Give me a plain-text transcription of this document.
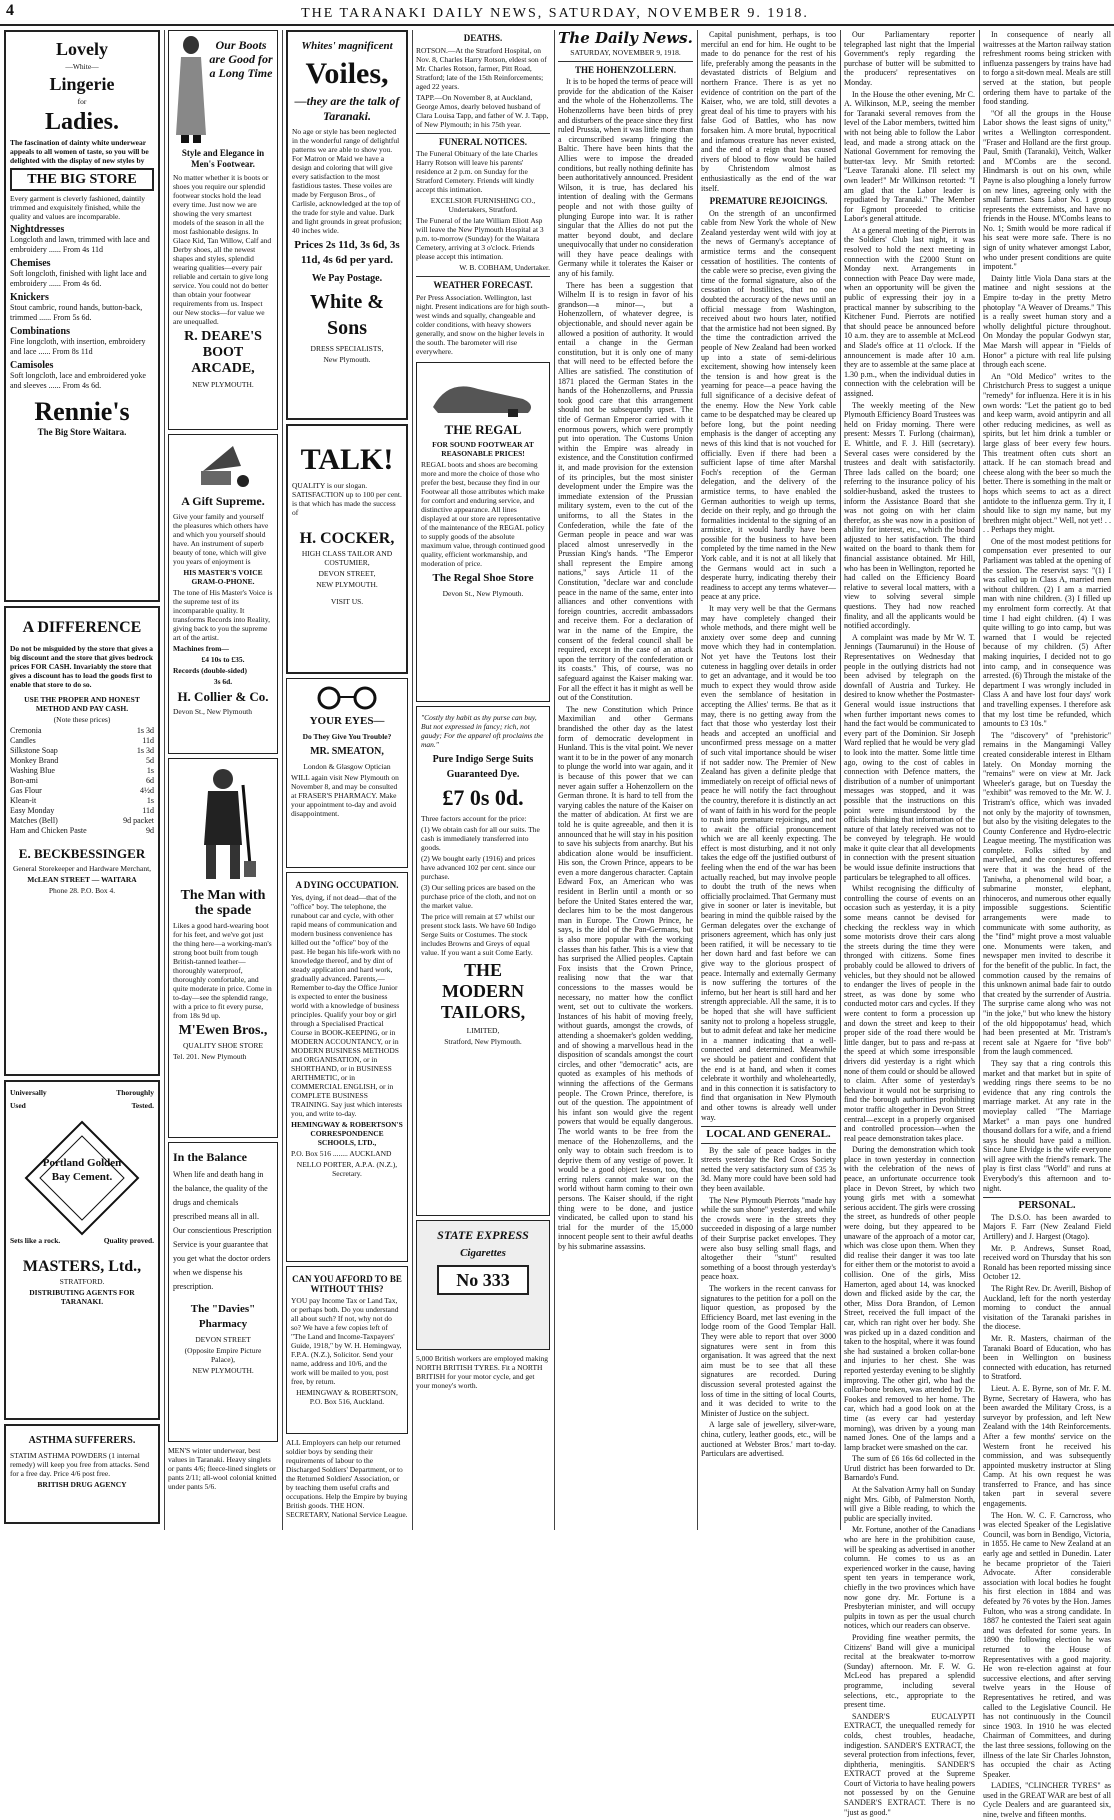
4	THE TARANAKI DAILY NEWS, SATURDAY, NOVEMBER 9. 1918.
Lovely
—White—
Lingerie
for
Ladies.
The fascination of dainty white underwear appeals to all women of taste, so you will be delighted with the display of new styles by
THE BIG STORE
Every garment is cleverly fashioned, daintily trimmed and exquisitely finished, while the quality and values are incomparable.
Nightdresses
Longcloth and lawn, trimmed with lace and embroidery ...... From 4s 11d
Chemises
Soft longcloth, finished with light lace and embroidery ...... From 4s 6d.
Knickers
Stout cambric, round hands, button-back, trimmed ...... From 5s 6d.
Combinations
Fine longcloth, with insertion, embroidery and lace ...... From 8s 11d
Camisoles
Soft longcloth, lace and embroidered yoke and sleeves ...... From 4s 6d.
Rennie's
The Big Store Waitara.
A DIFFERENCE
Do not be misguided by the store that gives a big discount and the store that gives bedrock prices FOR CASH. Invariably the store that gives a discount has to load the goods first to enable that store to do so.
USE THE PROPER AND HONEST METHOD AND PAY CASH.
(Note these prices)
Cremonia	1s 3d
Candles	11d
Silkstone Soap	1s 3d
Monkey Brand	5d
Washing Blue	1s
Bon-ami	6d
Gas Flour	4½d
Klean-it	1s
Easy Monday	11d
Matches (Bell)	9d packet
Ham and Chicken Paste	9d
E. BECKBESSINGER
General Storekeeper and Hardware Merchant,
McLEAN STREET — WAITARA
Phone 28. P.O. Box 4.
Universally	Thoroughly
Used	Tested.
Portland Golden Bay Cement.
Sets like a rock.	Quality proved.
MASTERS, Ltd.,
STRATFORD.
DISTRIBUTING AGENTS FOR TARANAKI.
ASTHMA SUFFERERS.
STATIM ASTHMA POWDERS (1 internal remedy) will keep you free from attacks. Send for a free day. Price 4/6 post free.
BRITISH DRUG AGENCY
Our Boots are Good for a Long Time
Style and Elegance in Men's Footwear.
No matter whether it is boots or shoes you require our splendid footwear stocks hold the lead every time. Just now we are showing the very smartest models of the season in all the most fashionable designs. In Glace Kid, Tan Willow, Calf and Derby shoes, all the newest shapes and styles, splendid wearing qualities—every pair reliable and certain to give long service. You could not do better than obtain your footwear requirements from us. Inspect our New stocks—for value we are unequalled.
R. DEARE'S BOOT ARCADE,
NEW PLYMOUTH.
A Gift Supreme.
Give your family and yourself the pleasures which others have and which you yourself should have. An instrument of superb beauty of tone, which will give you years of enjoyment is
HIS MASTER'S VOICE GRAM-O-PHONE.
The tone of His Master's Voice is the supreme test of its incomparable quality. It transforms Records into Reality, giving back to you the supreme art of the artist.
Machines from—
£4 10s to £35.
Records (double-sided)
3s 6d.
H. Collier & Co.
Devon St., New Plymouth
The Man with the spade
Likes a good hard-wearing boot for his feet, and we've got just the thing here—a working-man's strong boot built from tough British-tanned leather—thoroughly waterproof, thoroughly comfortable, and quite moderate in price. Come in to-day—see the splendid range, with a price to fit every purse, from 18s 9d up.
M'Ewen Bros.,
QUALITY SHOE STORE
Tel. 201. New Plymouth
In the Balance
When life and death hang in the balance, the quality of the drugs and chemicals prescribed means all in all. Our conscientious Prescription Service is your guarantee that you get what the doctor orders when we dispense his prescription.
The "Davies" Pharmacy
DEVON STREET
(Opposite Empire Picture Palace),
NEW PLYMOUTH.
MEN'S winter underwear, best values in Taranaki. Heavy singlets or pants 4/6; fleece-lined singlets or pants 2/11; all-wool colonial knitted under pants 5/6.
Whites' magnificent
Voiles,
—they are the talk of Taranaki.
No age or style has been neglected in the wonderful range of delightful patterns we are able to show you. For Matron or Maid we have a design and coloring that will give every satisfaction to the most fastidious tastes. These voiles are made by Ferguson Bros., of Carlisle, acknowledged at the top of the trade for style and value. Dark and light grounds in great profusion; 40 inches wide.
Prices 2s 11d, 3s 6d, 3s 11d, 4s 6d per yard.
We Pay Postage.
White & Sons
DRESS SPECIALISTS,
New Plymouth.
TALK!
QUALITY is our slogan. SATISFACTION up to 100 per cent. is that which has made the success of
H. COCKER,
HIGH CLASS TAILOR AND COSTUMIER,
DEVON STREET,
NEW PLYMOUTH.
VISIT US.
YOUR EYES—
Do They Give You Trouble?
MR. SMEATON,
London & Glasgow Optician
WILL again visit New Plymouth on November 8, and may be consulted at FRASER'S PHARMACY. Make your appointment to-day and avoid disappointment.
A DYING OCCUPATION.
Yes, dying, if not dead—that of the "office" boy. The telephone, the runabout car and cycle, with other rapid means of communication and modern business convenience has killed out the "office" boy of the past. He began his life-work with no knowledge thereof, and by dint of steady application and hard work, gradually advanced. Parents,—Remember to-day the Office Junior is expected to enter the business world with a knowledge of business principles. Qualify your boy or girl through a Specialised Practical Course in BOOK-KEEPING, or in MODERN ACCOUNTANCY, or in MODERN BUSINESS METHODS and ORGANISATION, or in SHORTHAND, or in BUSINESS ARITHMETIC, or in COMMERCIAL ENGLISH, or in COMPLETE BUSINESS TRAINING. Say just which interests you, and write to-day.
HEMINGWAY & ROBERTSON'S CORRESPONDENCE SCHOOLS, LTD.,
P.O. Box 516 ........ AUCKLAND
NELLO PORTER, A.P.A. (N.Z.), Secretary.
CAN YOU AFFORD TO BE WITHOUT THIS?
YOU pay Income Tax or Land Tax, or perhaps both. Do you understand all about such? If not, why not do so? We have a few copies left of "The Land and Income-Taxpayers' Guide, 1918," by W. H. Hemingway, F.P.A. (N.Z.), Solicitor. Send your name, address and 10/6, and the work will be mailed to you, post free, by return.
HEMINGWAY & ROBERTSON, P.O. Box 516, Auckland.
ALL Employers can help our returned soldier boys by sending their requirements of labour to the Discharged Soldiers' Department, or to the Returned Soldiers' Association, or by teaching them useful crafts and occupations. Help the Empire by buying British goods. THE HON. SECRETARY, National Service League.
DEATHS.
ROTSON.—At the Stratford Hospital, on Nov. 8, Charles Harry Rotson, eldest son of Mr. Charles Rotson, farmer, Pitt Road, Stratford; late of the 15th Reinforcements; aged 22 years.
TAPP.—On November 8, at Auckland, George Amos, dearly beloved husband of Clara Louisa Tapp, and father of W. J. Tapp, of New Plymouth; in his 75th year.
FUNERAL NOTICES.
The Funeral Obituary of the late Charles Harry Rotson will leave his parents' residence at 2 p.m. on Sunday for the Stratford Cemetery. Friends will kindly accept this intimation.
EXCELSIOR FURNISHING CO., Undertakers, Stratford.
The Funeral of the late William Eliott Asp will leave the New Plymouth Hospital at 3 p.m. to-morrow (Sunday) for the Waitara Cemetery, arriving at 3 o'clock. Friends please accept this intimation.
W. B. COBHAM, Undertaker.
WEATHER FORECAST.
Per Press Association. Wellington, last night. Present indications are for high south-west winds and squally, changeable and colder conditions, with heavy showers generally, and snow on the higher levels in the south. The barometer will rise everywhere.
THE REGAL
FOR SOUND FOOTWEAR AT REASONABLE PRICES!
REGAL boots and shoes are becoming more and more the choice of those who prefer the best, because they find in our Footwear all those attributes which make for comfort and enduring service, and distinctive appearance. All lines displayed at our store are representative of the maintenance of the REGAL policy to supply goods of the absolute maximum value, through continued good quality, efficient workmanship, and moderation of price.
The Regal Shoe Store
Devon St., New Plymouth.
"Costly thy habit as thy purse can buy, But not expressed in fancy; rich, not gaudy; For the apparel oft proclaims the man."
Pure Indigo Serge Suits Guaranteed Dye.
£7 0s 0d.
Three factors account for the price:
(1) We obtain cash for all our suits. The cash is immediately transferred into goods.
(2) We bought early (1916) and prices have advanced 102 per cent. since our purchase.
(3) Our selling prices are based on the purchase price of the cloth, and not on the market value.
The price will remain at £7 whilst our present stock lasts. We have 60 Indigo Serge Suits or Costumes. The stock includes Browns and Greys of equal value. If you want a suit Come Early.
THE MODERN TAILORS,
LIMITED,
Stratford, New Plymouth.
STATE EXPRESS
Cigarettes
No 333
5,000 British workers are employed making NORTH BRITISH TYRES. Fit a NORTH BRITISH for your motor cycle, and get your money's worth.
The Daily News.
SATURDAY, NOVEMBER 9, 1918.
THE HOHENZOLLERN.

It is to be hoped the terms of peace will provide for the abdication of the Kaiser and the whole of the Hohenzollerns. The Hohenzollerns have been birds of prey and disturbers of the peace since they first ruled Prussia, when it was little more than a circumscribed swamp fringing the Baltic. There have been hints that the Allies were to impose the dreaded conditions, but really nothing definite has been authoritatively announced. President Wilson, it is true, has declared his intention of dealing with the Germans people and not with those guilty of plunging Europe into war. It is rather singular that the Allies do not put the matter beyond doubt, and declare unequivocally that under no consideration will they have peace dealings with Germany while it tolerates the Kaiser or any of his family.

There has been a suggestion that Wilhelm II is to resign in favor of his grandson—a minor—, but a Hohenzollern, of whatever degree, is objectionable, and should never again be allowed a position of authority. It would entail a change in the German constitution, but it is only one of many that will need to be effected before the Allies are satisfied. The constitution of 1871 placed the German States in the hands of the Hohenzollerns, and Prussia took good care that this arrangement should not be subsequently upset. The title of German Emperor carried with it enormous powers, which were promptly put into operation. The Customs Union within the Empire was already in existence, and the Constitution confirmed it, and made provision for the extension of its principles, but the most sinister development under the Empire was the immediate extension of the Prussian military system, even to the cut of the uniforms, to all the States in the Confederation, while the fate of the German people in peace and war was placed almost unreservedly in the Prussian King's hands. "The Emperor shall represent the Empire among nations," says Article 11 of the Constitution, "declare war and conclude peace in the name of the same, enter into alliances and other conventions with foreign countries, accredit ambassadors and receive them. For a declaration of war in the name of the Empire, the consent of the federal council shall be required, except in the case of an attack upon the territory of the confederation or its coasts." This, of course, was no safeguard against the Kaiser making war. For all the effect it has it might as well be out of the Constitution.

The new Constitution which Prince Maximilian and other Germans brandished the other day as the latest form of democratic development in Hunland. This is the vital point. We never want it to be in the power of any monarch to plunge the world into war again, and it is because of this power that we can never again suffer a Hohenzollern on the German throne. It is hard to tell from the varying cables the nature of the Kaiser on the matter of abdication. At first we are told he is quite agreeable, and then it is announced that he will stay in his position to save his subjects from anarchy. But his abdication alone would be insufficient. His son, the Crown Prince, appears to be even a more dangerous character. Captain Edward Fox, an American who was resident in Berlin until a month or so before the United States entered the war, declares him to be the most dangerous man in Europe. The Crown Prince, he says, is the idol of the Pan-Germans, but is also more popular with the working classes than his father. This is a view that has surprised the Allied peoples. Captain Fox insists that the Crown Prince, realising now that the war that concessions to the masses would be necessary, no matter how the conflict went, set out to cultivate the workers. Instances of his habit of moving freely, without guards, amongst the crowds, of attending a shoemaker's golden wedding, and of showing a marvellous head in the disposition of scandals amongst the court circles, and other "democratic" acts, are quoted as examples of his methods of winning the affections of the Germans people. The Crown Prince, therefore, is out of the question. The appointment of his infant son would give the regent powers that would be equally dangerous. The world wants to be free from the menace of the Hohenzollerns, and the only way to obtain such freedom is to deprive them of any vestige of power. It would be a good object lesson, too, that erring rulers cannot make war on the world without harm coming to their own persons. The Kaiser should, if the right thing were to be done, and justice vindicated, be called upon to stand his trial for the murder of the 15,000 innocent people sent to their awful deaths by his submarine assassins.

Capital punishment, perhaps, is too merciful an end for him. He ought to be made to do penance for the rest of his life, preferably among the peasants in the devastated districts of Belgium and northern France. There is as yet no evidence of contrition on the part of the Kaiser, who, we are told, still devotes a great deal of his time to prayers with his false God of Battles, who has now forsaken him. A more brutal, hypocritical and infamous creature has never existed, and the end of a reign that has caused rivers of blood to flow would be hailed by Christendom almost as enthusiastically as the end of the war itself.

PREMATURE REJOICINGS.

On the strength of an unconfirmed cable from New York the whole of New Zealand yesterday went wild with joy at the news of Germany's acceptance of armistice terms and the consequent cessation of hostilities. The contents of the cable were so precise, even giving the time of the formal signature, also of the cessation of hostilities, that no one doubted the accuracy of the news until an official message from Washington, received about two hours later, notified that the armistice had not been signed. By the time the contradiction arrived the people of New Zealand had been worked up into a state of semi-delirious excitement, showing how intensely keen the tension is and how great is the yearning for peace—a peace having the full significance of a decisive defeat of the enemy. How the New York cable came to be despatched may be cleared up before long, but the point needing emphasis is the danger of accepting any news of this kind that is not vouched for officially. Even if there had been a sufficient lapse of time after Marshal Foch's reception of the German delegation, and the delivery of the armistice terms, to have enabled the German authorities to weigh up terms, decide on their reply, and go through the formalities incidental to the signing of an armistice, it would hardly have been possible for the business to have been completed by the time named in the New York cable, and it is not at all likely that the Germans would act in such a desperate hurry, indicating thereby their readiness to accept any terms whatever—peace at any price.

It may very well be that the Germans may have completely changed their whole methods, and there might well be anxiety over some deep and cunning move which they had in contemplation. Not yet have the Teutons lost their cuteness in haggling over details in order to get an advantage, and it would be too much to expect they would throw aside even the semblance of hesitation in accepting the Allies' terms. Be that as it may, there is no getting away from the fact that those who yesterday lost their heads and accepted an unofficial and unconfirmed press message on a matter of such vital importance should be wiser if not sadder now. The Premier of New Zealand has given a definite pledge that immediately on receipt of official news of peace he will notify the fact throughout the country, therefore it is distinctly an act of want of faith in his word for the people to rush into premature rejoicings, and not to await the official pronouncement which we are all keenly expecting. The effect is most disturbing, and it not only takes the edge off the justified outburst of feeling when the end of the war has been actually reached, but may involve people to doubt the truth of the news when officially proclaimed. That Germany must give in sooner or later is inevitable, but bearing in mind the quibble raised by the German delegates over the exchange of prisoners agreement, which has only just been ratified, it will be necessary to tie her down hard and fast before we can give way to the glorious prospect of peace. Internally and externally Germany is now suffering the tortures of the inferno, but her heart is still hard and her strength appreciable. All the same, it is to be hoped that she will have sufficient sanity not to prolong a hopeless struggle, but to admit defeat and take her medicine in a manner indicating that a well-connected and determined. Meanwhile we should be patient and confident that the end is at hand, and when it comes celebrate it worthily and wholeheartedly, and in this connection it is satisfactory to find that organisation in New Plymouth and other towns is already well under way.

LOCAL AND GENERAL.

By the sale of peace badges in the streets yesterday the Red Cross Society netted the very satisfactory sum of £35 3s 3d. Many more could have been sold had they been available.

The New Plymouth Pierrots "made hay while the sun shone" yesterday, and while the crowds were in the streets they succeeded in disposing of a large number of their Surprise packet envelopes. They were also busy selling small flags, and altogether their "stunt" resulted something of a boost through yesterday's peace hoax.

The workers in the recent canvass for signatures to the petition for a poll on the liquor question, as proposed by the Efficiency Board, met last evening in the lodge room of the Good Templar Hall. They were able to report that over 3000 signatures were sent in from this organisation. It was agreed that the next aim must be to see that all these signatures are recorded. During discussion several protested against the loss of time in the sitting of local Courts, and it was decided to write to the Minister of Justice on the subject.

A large sale of jewellery, silver-ware, china, cutlery, leather goods, etc., will be auctioned at Webster Bros.' mart to-day. Particulars are advertised.

Our Parliamentary reporter telegraphed last night that the Imperial Government's reply regarding the purchase of butter will be submitted to the producers' representatives on Monday.

In the House the other evening, Mr C. A. Wilkinson, M.P., seeing the member for Taranaki several removes from the level of the Labor members, twitted him with not being able to follow the Labor lead, and made a strong attack on the National Government for removing the butter-tax levy. Mr Smith retorted: "Leave Taranaki alone. I'll select my own leader!" Mr Wilkinson retorted: "I am glad that the Labor leader is repudiated by Taranaki." The Member for Egmont proceeded to criticise Labor's general attitude.

At a general meeting of the Pierrots in the Soldiers' Club last night, it was resolved to hold the next meeting in connection with the £2000 Stunt on Monday next. Arrangements in connection with Peace Day were made, when an opportunity will be given the public of expressing their joy in a practical manner by subscribing to the Kitchener Fund. Pierrots are notified that should peace be announced before 10 a.m. they are to assemble at McLeod and Slade's office at 11 o'clock. If the announcement is made after 10 a.m. they are to assemble at the same place at 1.30 p.m., when the individual duties in connection with the celebration will be assigned.

The weekly meeting of the New Plymouth Efficiency Board Trustees was held on Friday morning. There were present: Messrs T. Furlong (chairman), E. Whittle, and F. J. Hill (secretary). Several cases were considered by the trustees and dealt with satisfactorily. Three lads called on the board; one referring to the insurance policy of his soldier-husband, asked the trustees to inform the Assistance Board that she was not going on with her claim therefor, as she was now in a position of ability for interest, etc., which the board adjusted to her satisfaction. The third waited on the board to thank them for financial assistance obtained. Mr Hill, who has been in Wellington, reported he had called on the Efficiency Board relative to several local matters, with a view to solving several simple questions. They had now reached finality, and all the applicants would be notified accordingly.

A complaint was made by Mr W. T. Jennings (Taumarunui) in the House of Representatives on Wednesday that people in the outlying districts had not been advised by telegraph on the downfall of Austria and Turkey. He desired to know whether the Postmaster-General would issue instructions that when further important news comes to hand the fact would be communicated to every part of the Dominion. Sir Joseph Ward replied that he would be very glad to look into the matter. Some little time ago, owing to the cost of cables in connection with Defence matters, the distribution of a number of unimportant messages was stopped, and it was possible that the instructions on this point were misunderstood by the officials thinking that information of the nature of that lately received was not to be conveyed by telegraph. He would make it quite clear that all developments in connection with the present situation be would issue definite instructions that particulars be telegraphed to all offices.

Whilst recognising the difficulty of controlling the course of events on an occasion such as yesterday, it is a pity some means cannot be devised for checking the reckless way in which some motorists drove their cars along the streets during the time they were thronged with citizens. Some fines probably could be allowed to drivers of vehicles, but they should not be allowed to endanger the lives of people in the street, as was done by some who conducted motor cars and cycles. If they were content to form a procession up and down the street and keep to their proper side of the road there would be little danger, but to pass and re-pass at the speed at which some irresponsible drivers did yesterday is a right which none of them could or should be allowed to claim. After some of yesterday's behaviour it would not be surprising to find the borough authorities prohibiting motor traffic altogether in Devon Street central—except in a properly organised and controlled procession—when the real peace demonstration takes place.

During the demonstration which took place in town yesterday in connection with the celebration of the news of peace, an unfortunate occurrence took place in Devon Street, by which two young girls met with a somewhat serious accident. The girls were crossing the street, as hundreds of other people were doing, but they appeared to be unaware of the approach of a motor car, which was close upon them. When they did realise their danger it was too late for either them or the motorist to avoid a collision. One of the girls, Miss Hamerton, aged about 14, was knocked down and flicked aside by the car, the other, Miss Dora Brandon, of Lemon Street, received the full impact of the car, which ran right over her body. She was picked up in a dazed condition and taken to the hospital, where it was found she had sustained a broken collar-bone and injuries to her chest. She was reported yesterday evening to be slightly improving. The other girl, who had the collar-bone broken, was attended by Dr. Fookes and removed to her home. The car, which had a good look on at the time (as every car had yesterday morning), was driven by a young man named Jones. One of the lamps and a lamp bracket were smashed on the car.

The sum of £6 16s 6d collected in the Urutl district has been forwarded to Dr. Barnardo's Fund.

At the Salvation Army hall on Sunday night Mrs. Gibb, of Palmerston North, will give a Bible reading, to which the public are specially invited.

Mr. Fortune, another of the Canadians who are here in the prohibition cause, will be speaking as advertised in another column. He comes to us as an experienced worker in the cause, having spent ten years in temperance work, chiefly in the two provinces which have now gone dry. Mr. Fortune is a Presbyterian minister, and will occupy pulpits in town as per the usual church notices, which our readers can observe.

Providing fine weather permits, the Citizens' Band will give a municipal recital at the breakwater to-morrow (Sunday) afternoon. Mr. F. W. G. McLeod has prepared a splendid programme, including several selections, etc., appropriate to the present time.

SANDER'S EUCALYPTI EXTRACT, the unequalled remedy for colds, chest troubles, headache, indigestion. SANDER'S EXTRACT, the several protection from infections, fever, diphtheria, meningitis. SANDER'S EXTRACT proved at the Supreme Court of Victoria to have healing powers not possessed by on the Genuine SANDER'S EXTRACT. There is no "just as good."

In consequence of nearly all waitresses at the Marton railway station refreshment rooms being stricken with influenza passengers by trains have had to forgo a sit-down meal. Meals are still served at the station, but people ordering them have to partake of the food standing.

"Of all the groups in the House Labor shows the least signs of unity," writes a Wellington correspondent. "Fraser and Holland are the first group. Paul, Smith (Taranaki), Veitch, Walker and M'Combs are the second. Hindmarsh is out on his own, while Payne is also ploughing a lonely furrow on new lines, agreeing only with the small farmer. Sans Labor No. 1 group represents the extremists, and have no friends in the House. M'Combs leans to No. 1; Smith would be more radical if his seat were more safe. There is no sign of unity whatever amongst Labor, who under present conditions are quite impotent."

Dainty little Viola Dana stars at the matinee and night sessions at the Empire to-day in the pretty Metro photoplay "A Weaver of Dreams." This is a really sweet human story and a wholly delightful picture throughout. On Monday the popular Godwyn star, Mae Marsh will appear in "Fields of Honor" a picture with real life pulsing through each scene.

An "Old Medico" writes to the Christchurch Press to suggest a unique "remedy" for influenza. Here it is in his own words: "Let the patient go to bed and keep warm, avoid antipyrin and all other reducing medicines, as well as spirits, but let him drink a tumbler or large glass of beer every few hours. This treatment often cuts short an attack. If he can stomach bread and cheese along with the beer so much the better. There is something in the malt or hops which seems to act as a direct antidote to the influenza germ. Try it, I should like to sign my name, but my brethren might object." Well, not yet! . . . . Perhaps they might.

One of the most modest petitions for compensation ever presented to our Parliament was tabled at the opening of the session. The reservist says: "(1) I was called up in Class A, married men without children. (2) I am a married man with nine children. (3) I filled up my enrolment form correctly. At that time I had eight children. (4) I was quite willing to go into camp, but was warned that I would be rejected because of my children. (5) After making inquiries, I decided not to go into camp, and in consequence was arrested. (6) Through the mistake of the department I was wrongly included in Class A and have lost four days' work and travelling expenses. I therefore ask that my lost time be refunded, which amounts to £3 10s."

The "discovery" of "prehistoric" remains in the Mangamingi Valley created considerable interest in Eltham lately. On Monday morning the "remains" were on view at Mr. Jack Wheeler's garage, but on Tuesday the "exhibit" was removed to the Mr. W. J. Tristram's office, which was invaded not only by the majority of townsmen, but also by the visiting delegates to the County Conference and Hydro-electric League meeting. The mystification was complete. Folks sifted by and marvelled, and the conjectures offered were that it was the head of the Taniwha, a phenomenal wild boar, a submarine monster, elephant, rhinoceros, and numerous other equally impossible suggestions. Scientific arrangements were made to communicate with some authority, as the "find" might prove a most valuable one. Monuments were taken, and newspaper men invited to describe it for the benefit of the public. In fact, the commotion caused by the remains of this unknown animal bade fair to outdo that created by the surrender of Austria. The surprise came along who was not "in the joke," but who knew the history of the old hippopotamus' head, which had been presented at Mr. Tristram's recent sale at Ngaere for "five bob" from the laugh commenced.

They say that a ring controls this market and that market but in spite of wedding rings there seems to be no evidence that any ring controls the marriage market. At any rate in the movieplay called "The Marriage Market" a man pays one hundred thousand dollars for a wife, and a friend says he should have paid a million. Since June Elvidge is the wife everyone will agree with the friend's remark. The play is first class "World" and runs at Everybody's this afternoon and to-night.

PERSONAL.

The D.S.O. has been awarded to Majors F. Farr (New Zealand Field Artillery) and J. Hargest (Otago).

Mr. P. Andrews, Sunset Road, received word on Thursday that his son Ronald has been reported missing since October 12.

The Right Rev. Dr. Averill, Bishop of Auckland, left for the north yesterday morning to conduct the annual visitation of the Taranaki parishes in the diocese.

Mr. R. Masters, chairman of the Taranaki Board of Education, who has been in Wellington on business connected with education, has returned to Stratford.

Lieut. A. E. Byrne, son of Mr. F. M. Byrne, Secretary of Hawera, who has been awarded the Military Cross, is a surveyor by profession, and left New Zealand with the 14th Reinforcements. After a few months' service on the Western front he received his commission, and was subsequently appointed musketry instructor at Sling Camp. At his own request he was transferred to France, and has since taken part in several severe engagements.

The Hon. W. C. F. Carncross, who was elected Speaker of the Legislative Council, was born in Bendigo, Victoria, in 1855. He came to New Zealand at an early age and settled in Dunedin. Later he became proprietor of the Taieri Advocate. After considerable association with local bodies he fought his first election in 1884 and was defeated by 76 votes by the Hon. James Fulton, who was a strong candidate. In 1887 he contested the Taieri seat again and was defeated for some years. In 1890 the following election he was returned to the House of Representatives with a good majority. He won re-election against at four successive elections, and after serving twelve years in the House of Representatives he retired, and was called to the Legislative Council. He has not continuously in the Council since 1903. In 1910 he was elected Chairman of Committees, and during the last three sessions, following on the illness of the late Sir Charles Johnston, has occupied the chair as Acting Speaker.

LADIES, "CLINCHER TYRES" as used in the GREAT WAR are best of all Cycle Dealers and are guaranteed six, nine, twelve and fifteen months.
